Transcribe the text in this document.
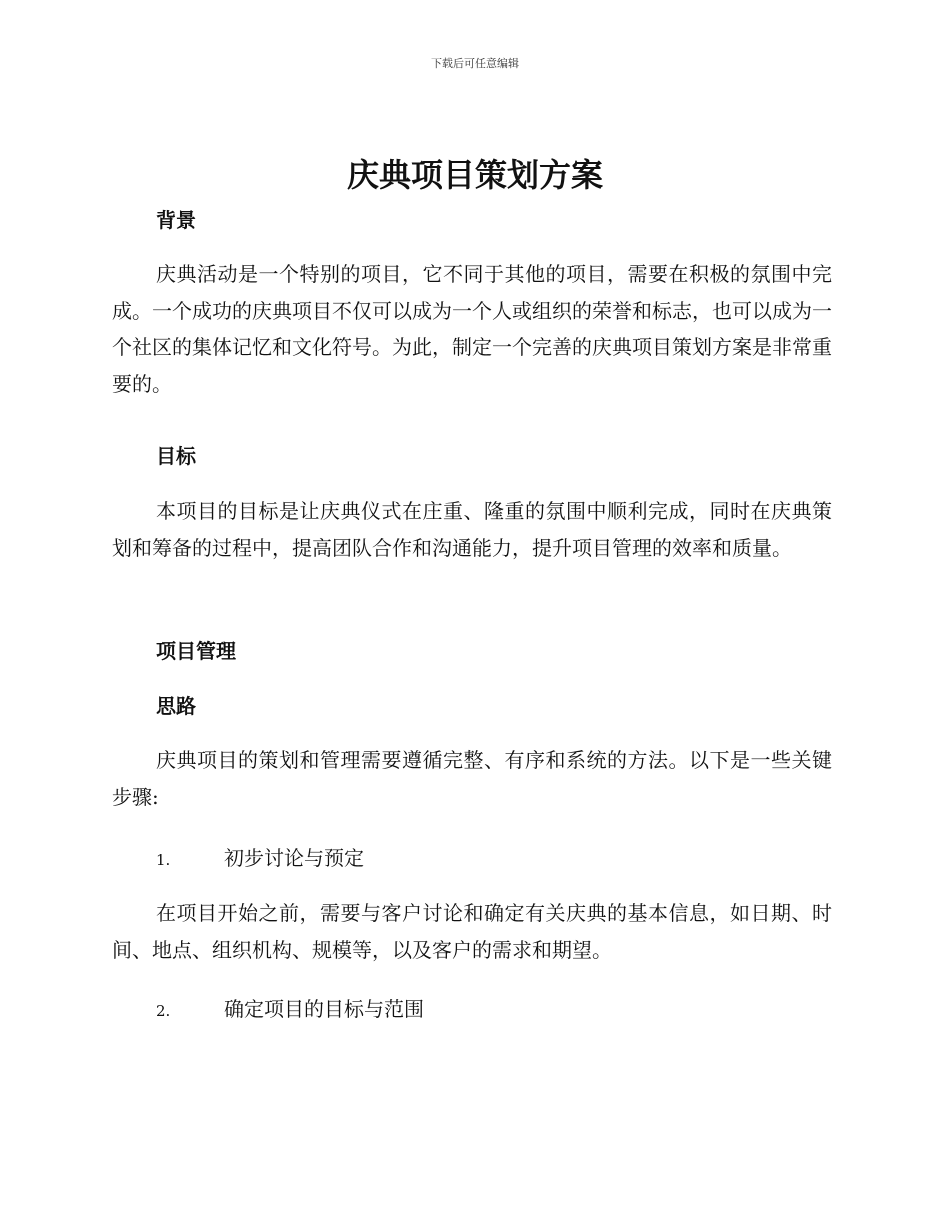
下载后可任意编辑
庆典项目策划方案
背景
庆典活动是一个特别的项目，它不同于其他的项目，需要在积极的氛围中完成。一个成功的庆典项目不仅可以成为一个人或组织的荣誉和标志，也可以成为一个社区的集体记忆和文化符号。为此，制定一个完善的庆典项目策划方案是非常重要的。
目标
本项目的目标是让庆典仪式在庄重、隆重的氛围中顺利完成，同时在庆典策划和筹备的过程中，提高团队合作和沟通能力，提升项目管理的效率和质量。
项目管理
思路
庆典项目的策划和管理需要遵循完整、有序和系统的方法。以下是一些关键步骤:
1.	初步讨论与预定
在项目开始之前，需要与客户讨论和确定有关庆典的基本信息，如日期、时间、地点、组织机构、规模等，以及客户的需求和期望。
2.	确定项目的目标与范围
